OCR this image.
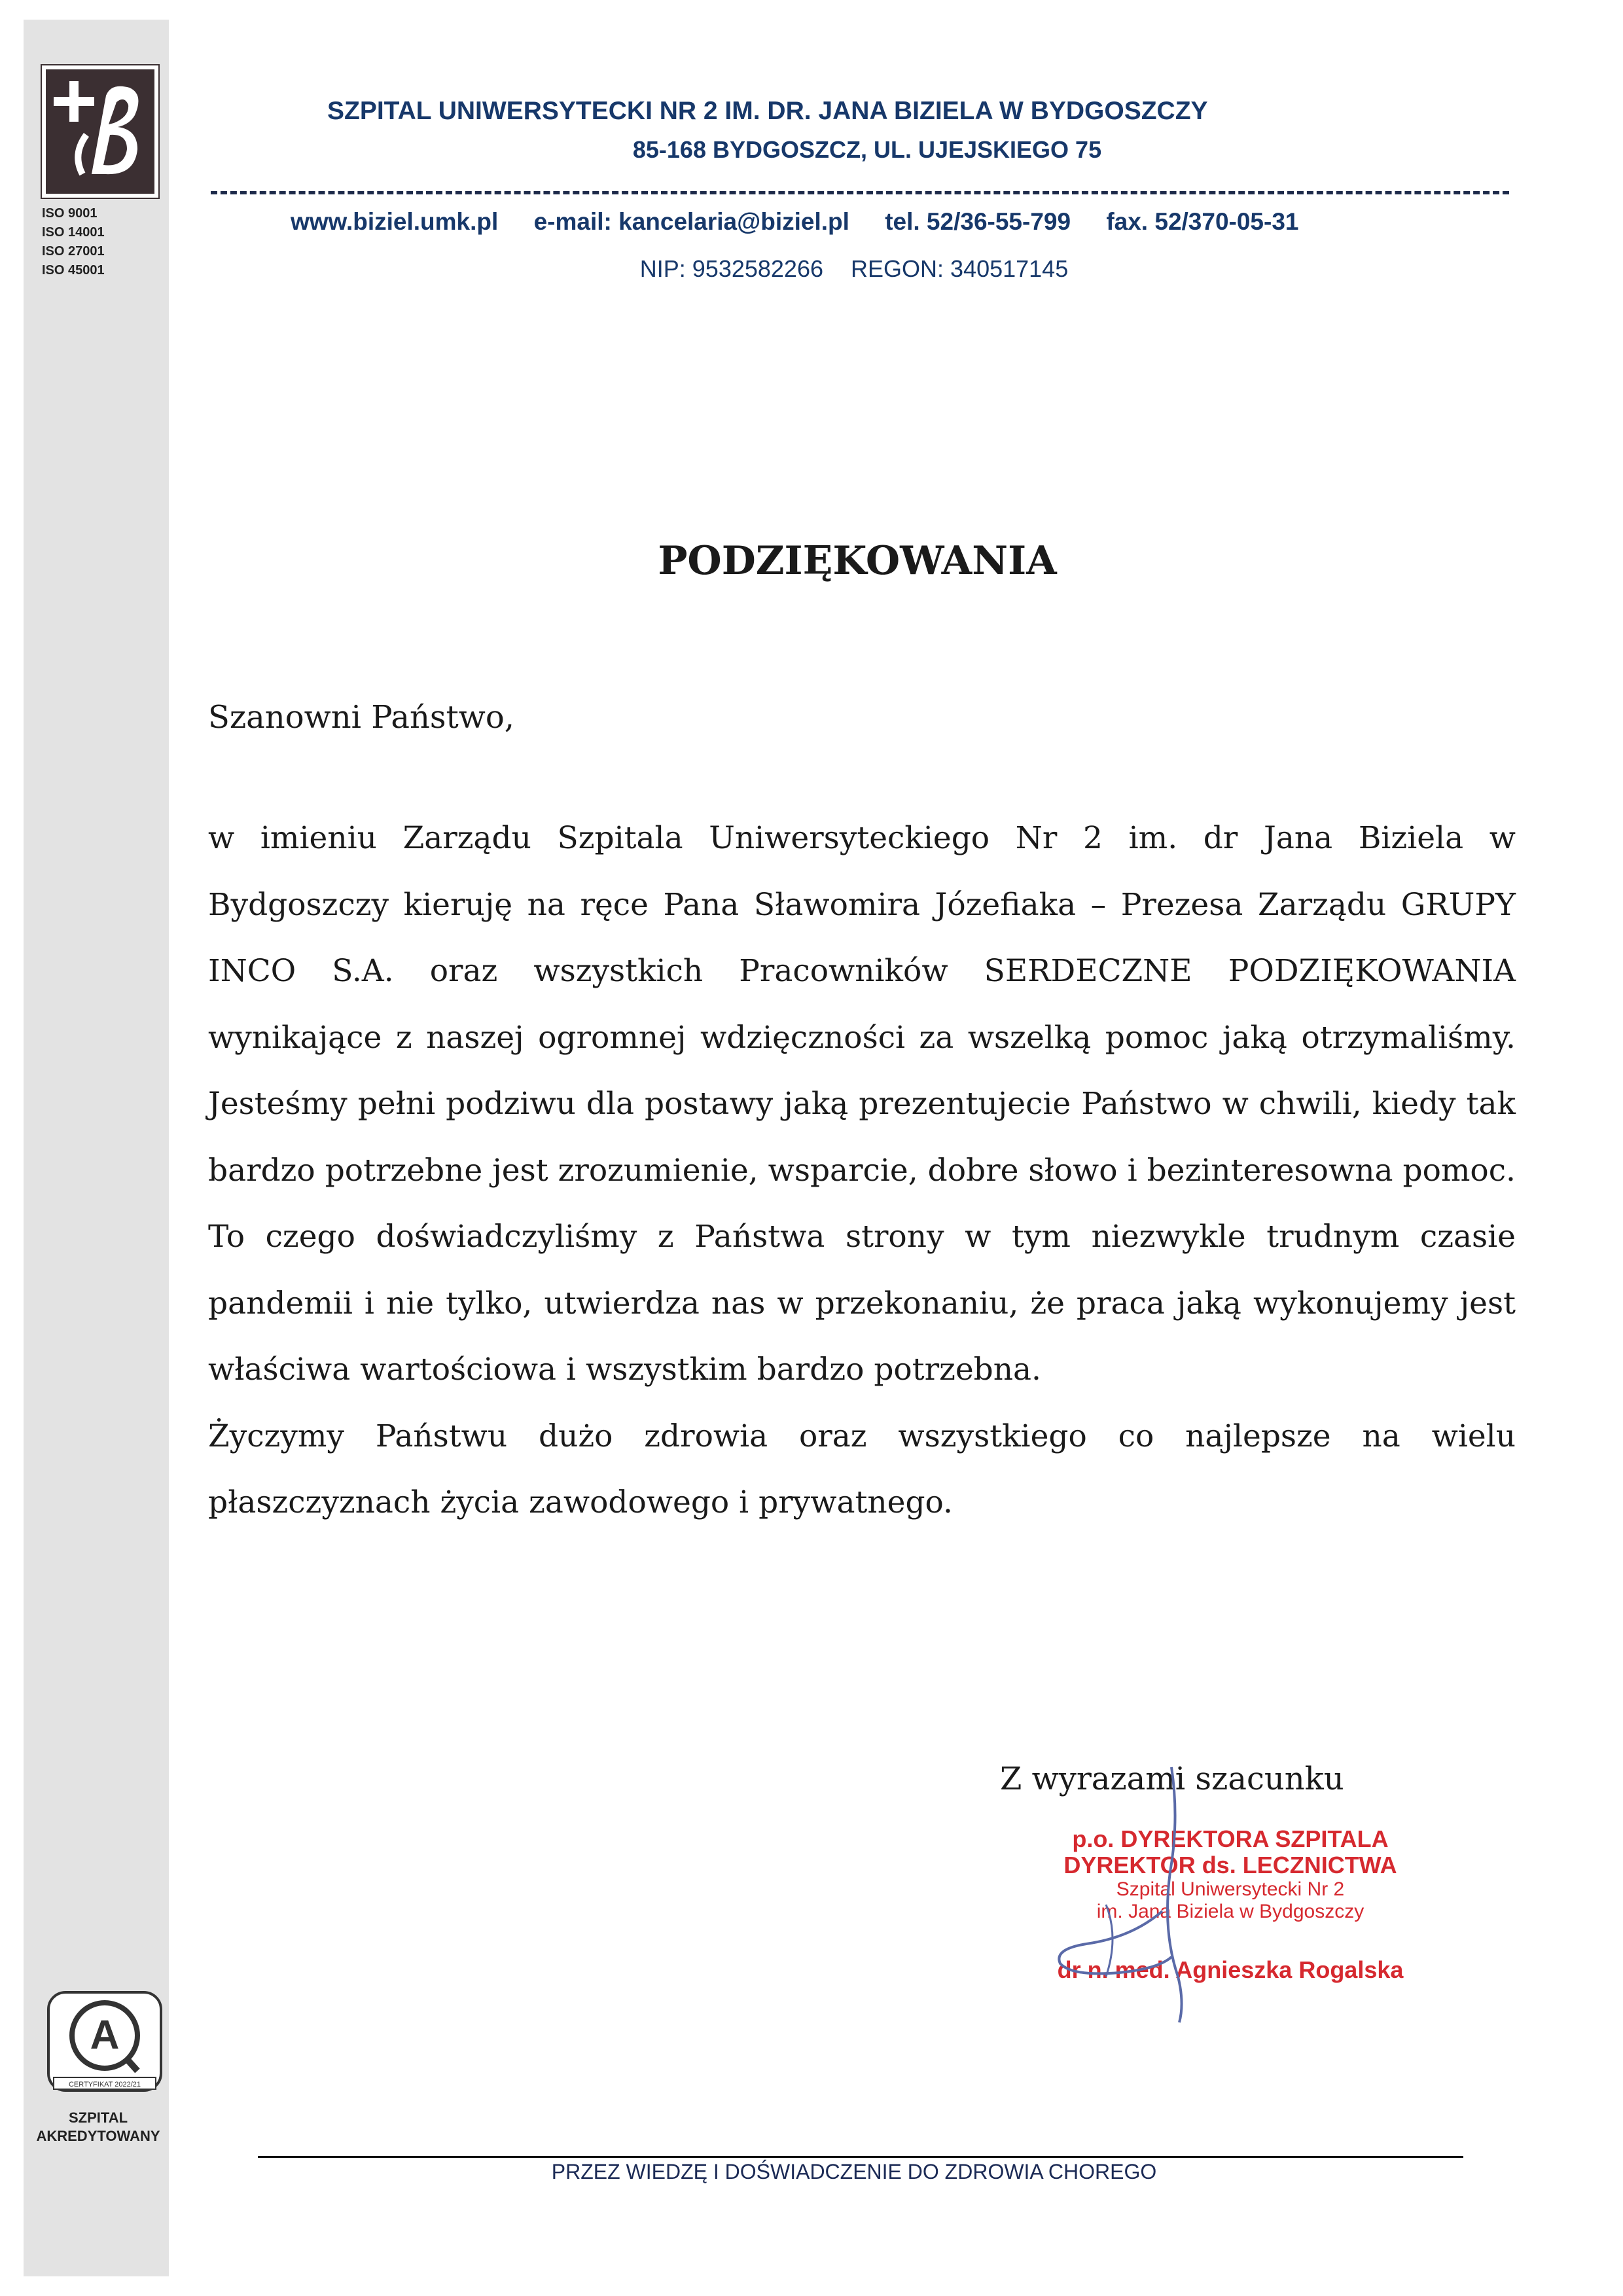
ISO 9001
ISO 14001
ISO 27001
ISO 45001
A
CERTYFIKAT 2022/21
SZPITAL
AKREDYTOWANY
SZPITAL UNIWERSYTECKI NR 2 IM. DR. JANA BIZIELA W BYDGOSZCZY
85-168 BYDGOSZCZ, UL. UJEJSKIEGO 75
www.biziel.umk.pl e-mail: kancelaria@biziel.pl tel. 52/36-55-799 fax. 52/370-05-31
NIP: 9532582266 REGON: 340517145
PODZIĘKOWANIA
Szanowni Państwo,

w imieniu Zarządu Szpitala Uniwersyteckiego Nr 2 im. dr Jana Biziela w Bydgoszczy kieruję na ręce Pana Sławomira Józefiaka – Prezesa Zarządu GRUPY INCO S.A. oraz wszystkich Pracowników SERDECZNE PODZIĘKOWANIA wynikające z naszej ogromnej wdzięczności za wszelką pomoc jaką otrzymaliśmy. Jesteśmy pełni podziwu dla postawy jaką prezentujecie Państwo w chwili, kiedy tak bardzo potrzebne jest zrozumienie, wsparcie, dobre słowo i bezinteresowna pomoc. To czego doświadczyliśmy z Państwa strony w tym niezwykle trudnym czasie pandemii i nie tylko, utwierdza nas w przekonaniu, że praca jaką wykonujemy jest właściwa wartościowa i wszystkim bardzo potrzebna.

Życzymy Państwu dużo zdrowia oraz wszystkiego co najlepsze na wielu płaszczyznach życia zawodowego i prywatnego.

Z wyrazami szacunku
p.o. DYREKTORA SZPITALA
DYREKTOR ds. LECZNICTWA
Szpital Uniwersytecki Nr 2
im. Jana Biziela w Bydgoszczy
dr n. med. Agnieszka Rogalska
PRZEZ WIEDZĘ I DOŚWIADCZENIE DO ZDROWIA CHOREGO
